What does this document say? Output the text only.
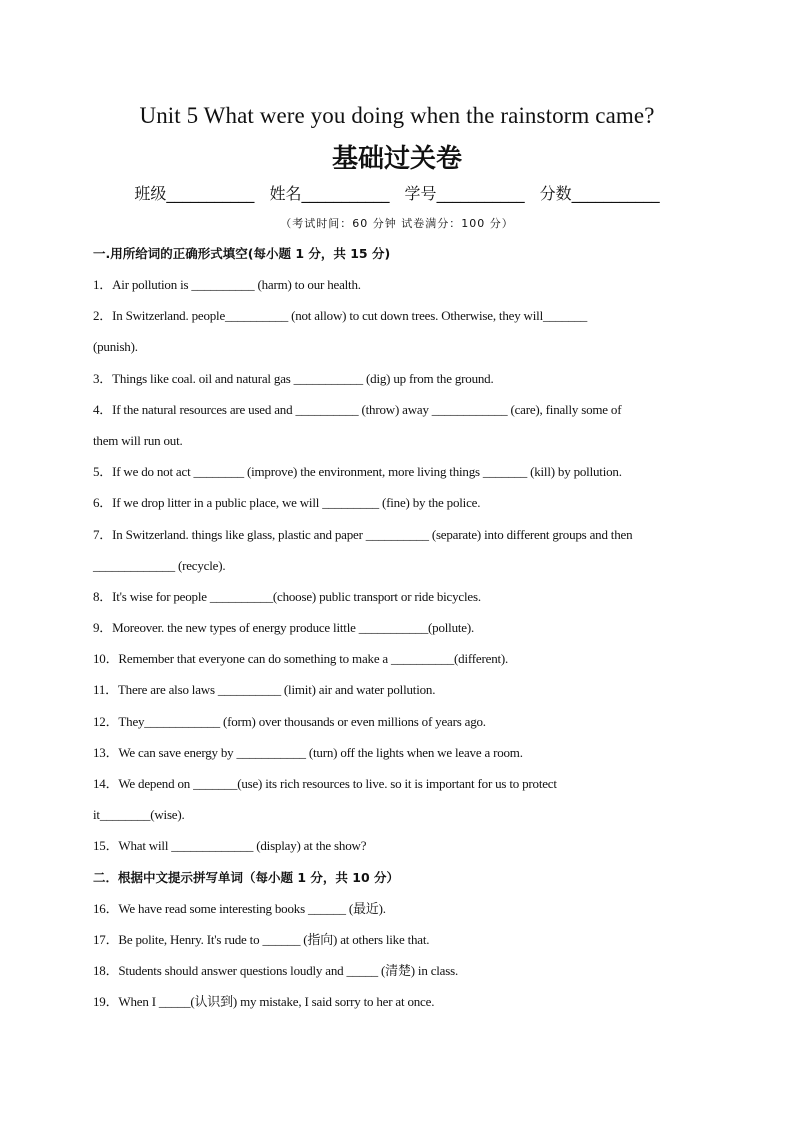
Unit 5 What were you doing when the rainstorm came?
基础过关卷
班级___________ 姓名___________ 学号___________ 分数___________
（考试时间：60 分钟 试卷满分：100 分）
一.用所给词的正确形式填空(每小题 1 分，共 15 分)
1．Air pollution is __________ (harm) to our health.
2．In Switzerland. people__________ (not allow) to cut down trees. Otherwise, they will_______
(punish).
3．Things like coal. oil and natural gas ___________ (dig) up from the ground.
4．If the natural resources are used and __________ (throw) away ____________ (care), finally some of
them will run out.
5．If we do not act ________ (improve) the environment, more living things _______ (kill) by pollution.
6．If we drop litter in a public place, we will _________ (fine) by the police.
7．In Switzerland. things like glass, plastic and paper __________ (separate) into different groups and then
_____________ (recycle).
8．It's wise for people __________(choose) public transport or ride bicycles.
9．Moreover. the new types of energy produce little ___________(pollute).
10．Remember that everyone can do something to make a __________(different).
11．There are also laws __________ (limit) air and water pollution.
12．They____________ (form) over thousands or even millions of years ago.
13．We can save energy by ___________ (turn) off the lights when we leave a room.
14．We depend on _______(use) its rich resources to live. so it is important for us to protect
it________(wise).
15．What will _____________ (display) at the show?
二．根据中文提示拼写单词（每小题 1 分，共 10 分）
16．We have read some interesting books ______ (最近).
17．Be polite, Henry. It's rude to ______ (指向) at others like that.
18．Students should answer questions loudly and _____ (清楚) in class.
19．When I _____(认识到) my mistake, I said sorry to her at once.
